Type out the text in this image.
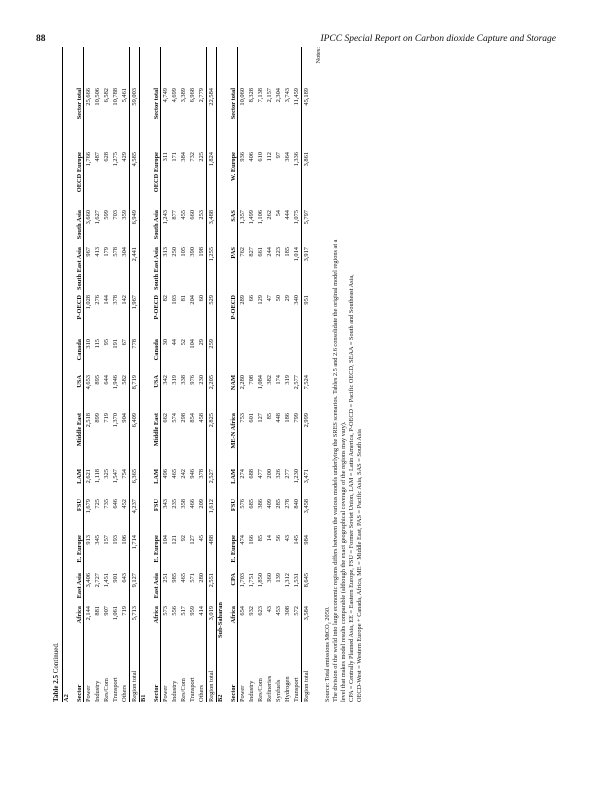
88	IPCC Special Report on Carbon dioxide Capture and Storage
Table 2.5 Continued.
A2 Sector
Africa
East Asia
E. Europe
FSU
LAM
Middle East
USA
Canada
P-OECD
South East Asia
South Asia
OECD Europe
Sector total
Power
2,144
3,406
913
1,679
2,621
2,518
4,653
310
1,028
967
3,660
1,766
25,666
Industry
881
2,727
345
725
1,118
899
895
115
276
413
1,627
487
10,506
Res/Com
907
1,451
157
735
325
719
644
95
144
179
599
628
6,582
Transport
1,061
901
193
646
1,547
1,370
1,946
191
378
578
703
1,275
10,788
Others
719
643
106
452
754
904
582
67
142
304
359
429
5,461
Region total
5,713
9,127
1,714
4,237
6,365
6,409
8,719
778
1,967
2,441
6,949
4,585
59,003
B1 Sector
Africa
East Asia
E. Europe
FSU
LAM
Middle East
USA
Canada
P-OECD
South East Asia
South Asia
OECD Europe
Sector total
Power
573
251
104
343
496
662
342
30
82
313
1,243
311
4,749
Industry
556
985
121
235
465
574
319
44
103
250
877
171
4,699
Res/Com
517
465
92
358
242
298
338
52
81
105
455
384
3,389
Transport
959
571
127
466
946
854
976
104
204
390
660
732
6,968
Others
414
280
45
209
378
458
230
29
60
198
253
225
2,779
Region total
3,019
2,551
488
1,612
2,527
2,825
2,205
259
529
1,255
3,488
1,824
22,584
B2
Sub-Saharan
Sector
Africa
CPA
E. Europe
FSU
LAM
ME-N Africa
NAM
P-OECD
PAS
SAS
W. Europe
Sector total
Power
654
1,703
474
576
274
753
2,280
289
762
1,357
936
10,060
Industry
932
1,751
166
685
688
601
708
66
827
1,499
406
8,328
Res/Com
623
1,850
85
386
477
127
1,084
129
661
1,106
610
7,138
Refineries
43
360
14
409
200
85
382
47
244
262
112
2,157
Synfuels
453
139
56
285
326
448
174
50
223
54
97
2,304
Hydrogen
308
1,312
43
278
277
186
319
29
185
444
364
3,743
Transport
572
1,531
145
840
1,230
799
2,577
340
1,014
1,075
1,336
11,459
Region total
3,584
8,645
984
3,458
3,471
2,999
7,524
951
3,917
5,797
3,861
45,189
Notes:
Source: Total emissions MtCO₂ 2050. The division of the world into large economic regions differs between the various models underlying the SRES scenarios. Tables 2.5 and 2.6 consolidate the original model regions at a level that makes model results comparable (although the exact geographical coverage of the regions may vary). CPA = Centrally Planned Asia, EE = Eastern Europe, FSU = Former Soviet Union, LAM = Latin America, P-OECD = Pacific OECD, SEAA = South and Southeast Asia, OECD-West = Western Europe + Canada, Africa, ME = Middle East, PAS = Pacific Asia, SAS = South Asia
